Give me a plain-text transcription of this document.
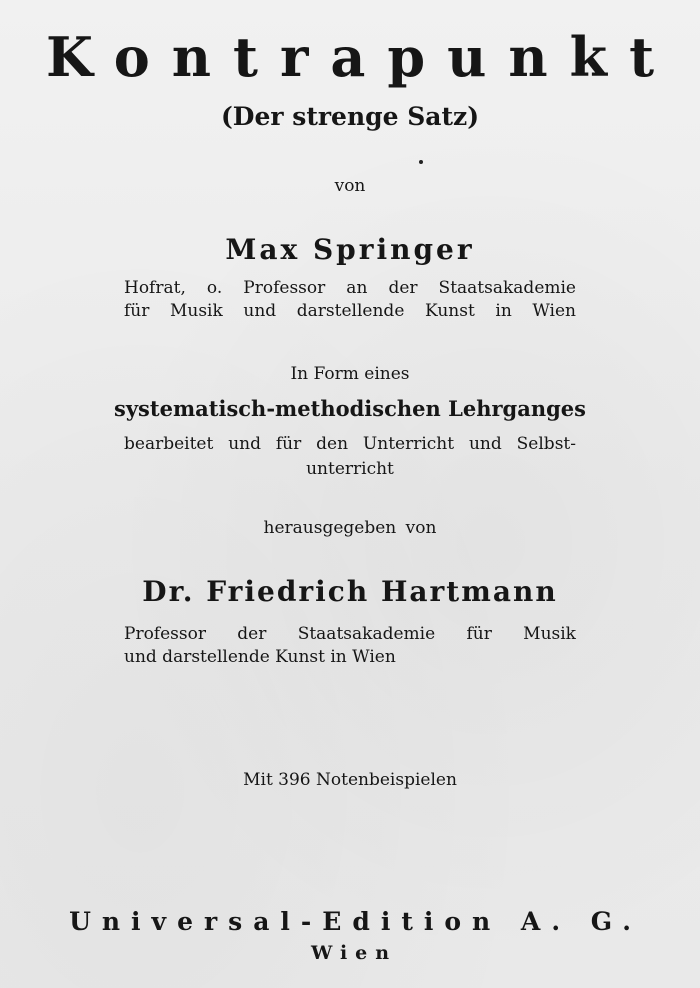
Kontrapunkt

(Der strenge Satz)

von

Max Springer

Hofrat, o. Professor an der Staatsakademie
für Musik und darstellende Kunst in Wien

In Form eines

systematisch-methodischen Lehrganges

bearbeitet und für den Unterricht und Selbst-
unterricht

herausgegeben von

Dr. Friedrich Hartmann

Professor der Staatsakademie für Musik
und darstellende Kunst in Wien

Mit 396 Notenbeispielen

Universal-Edition A. G.

Wien
